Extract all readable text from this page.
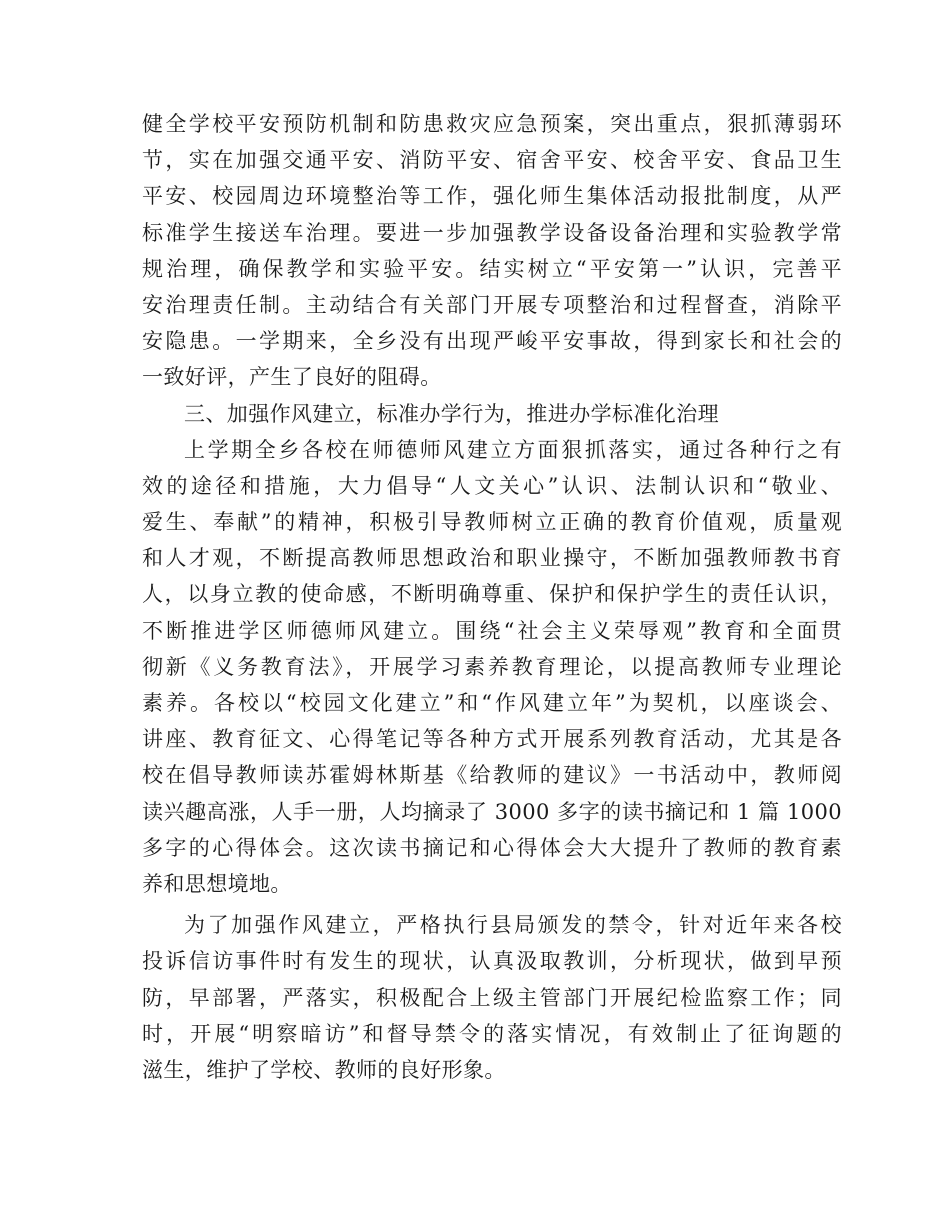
健全学校平安预防机制和防患救灾应急预案，突出重点，狠抓薄弱环
节，实在加强交通平安、消防平安、宿舍平安、校舍平安、食品卫生
平安、校园周边环境整治等工作，强化师生集体活动报批制度，从严
标准学生接送车治理。要进一步加强教学设备设备治理和实验教学常
规治理，确保教学和实验平安。结实树立“平安第一”认识，完善平
安治理责任制。主动结合有关部门开展专项整治和过程督查，消除平
安隐患。一学期来，全乡没有出现严峻平安事故，得到家长和社会的
一致好评，产生了良好的阻碍。
三、加强作风建立，标准办学行为，推进办学标准化治理
上学期全乡各校在师德师风建立方面狠抓落实，通过各种行之有
效的途径和措施，大力倡导“人文关心”认识、法制认识和“敬业、
爱生、奉献”的精神，积极引导教师树立正确的教育价值观，质量观
和人才观，不断提高教师思想政治和职业操守，不断加强教师教书育
人，以身立教的使命感，不断明确尊重、保护和保护学生的责任认识，
不断推进学区师德师风建立。围绕“社会主义荣辱观”教育和全面贯
彻新《义务教育法》，开展学习素养教育理论，以提高教师专业理论
素养。各校以“校园文化建立”和“作风建立年”为契机，以座谈会、
讲座、教育征文、心得笔记等各种方式开展系列教育活动，尤其是各
校在倡导教师读苏霍姆林斯基《给教师的建议》一书活动中，教师阅
读兴趣高涨，人手一册，人均摘录了 3000 多字的读书摘记和 1 篇 1000
多字的心得体会。这次读书摘记和心得体会大大提升了教师的教育素
养和思想境地。
为了加强作风建立，严格执行县局颁发的禁令，针对近年来各校
投诉信访事件时有发生的现状，认真汲取教训，分析现状，做到早预
防，早部署，严落实，积极配合上级主管部门开展纪检监察工作；同
时，开展“明察暗访”和督导禁令的落实情况，有效制止了征询题的
滋生，维护了学校、教师的良好形象。
